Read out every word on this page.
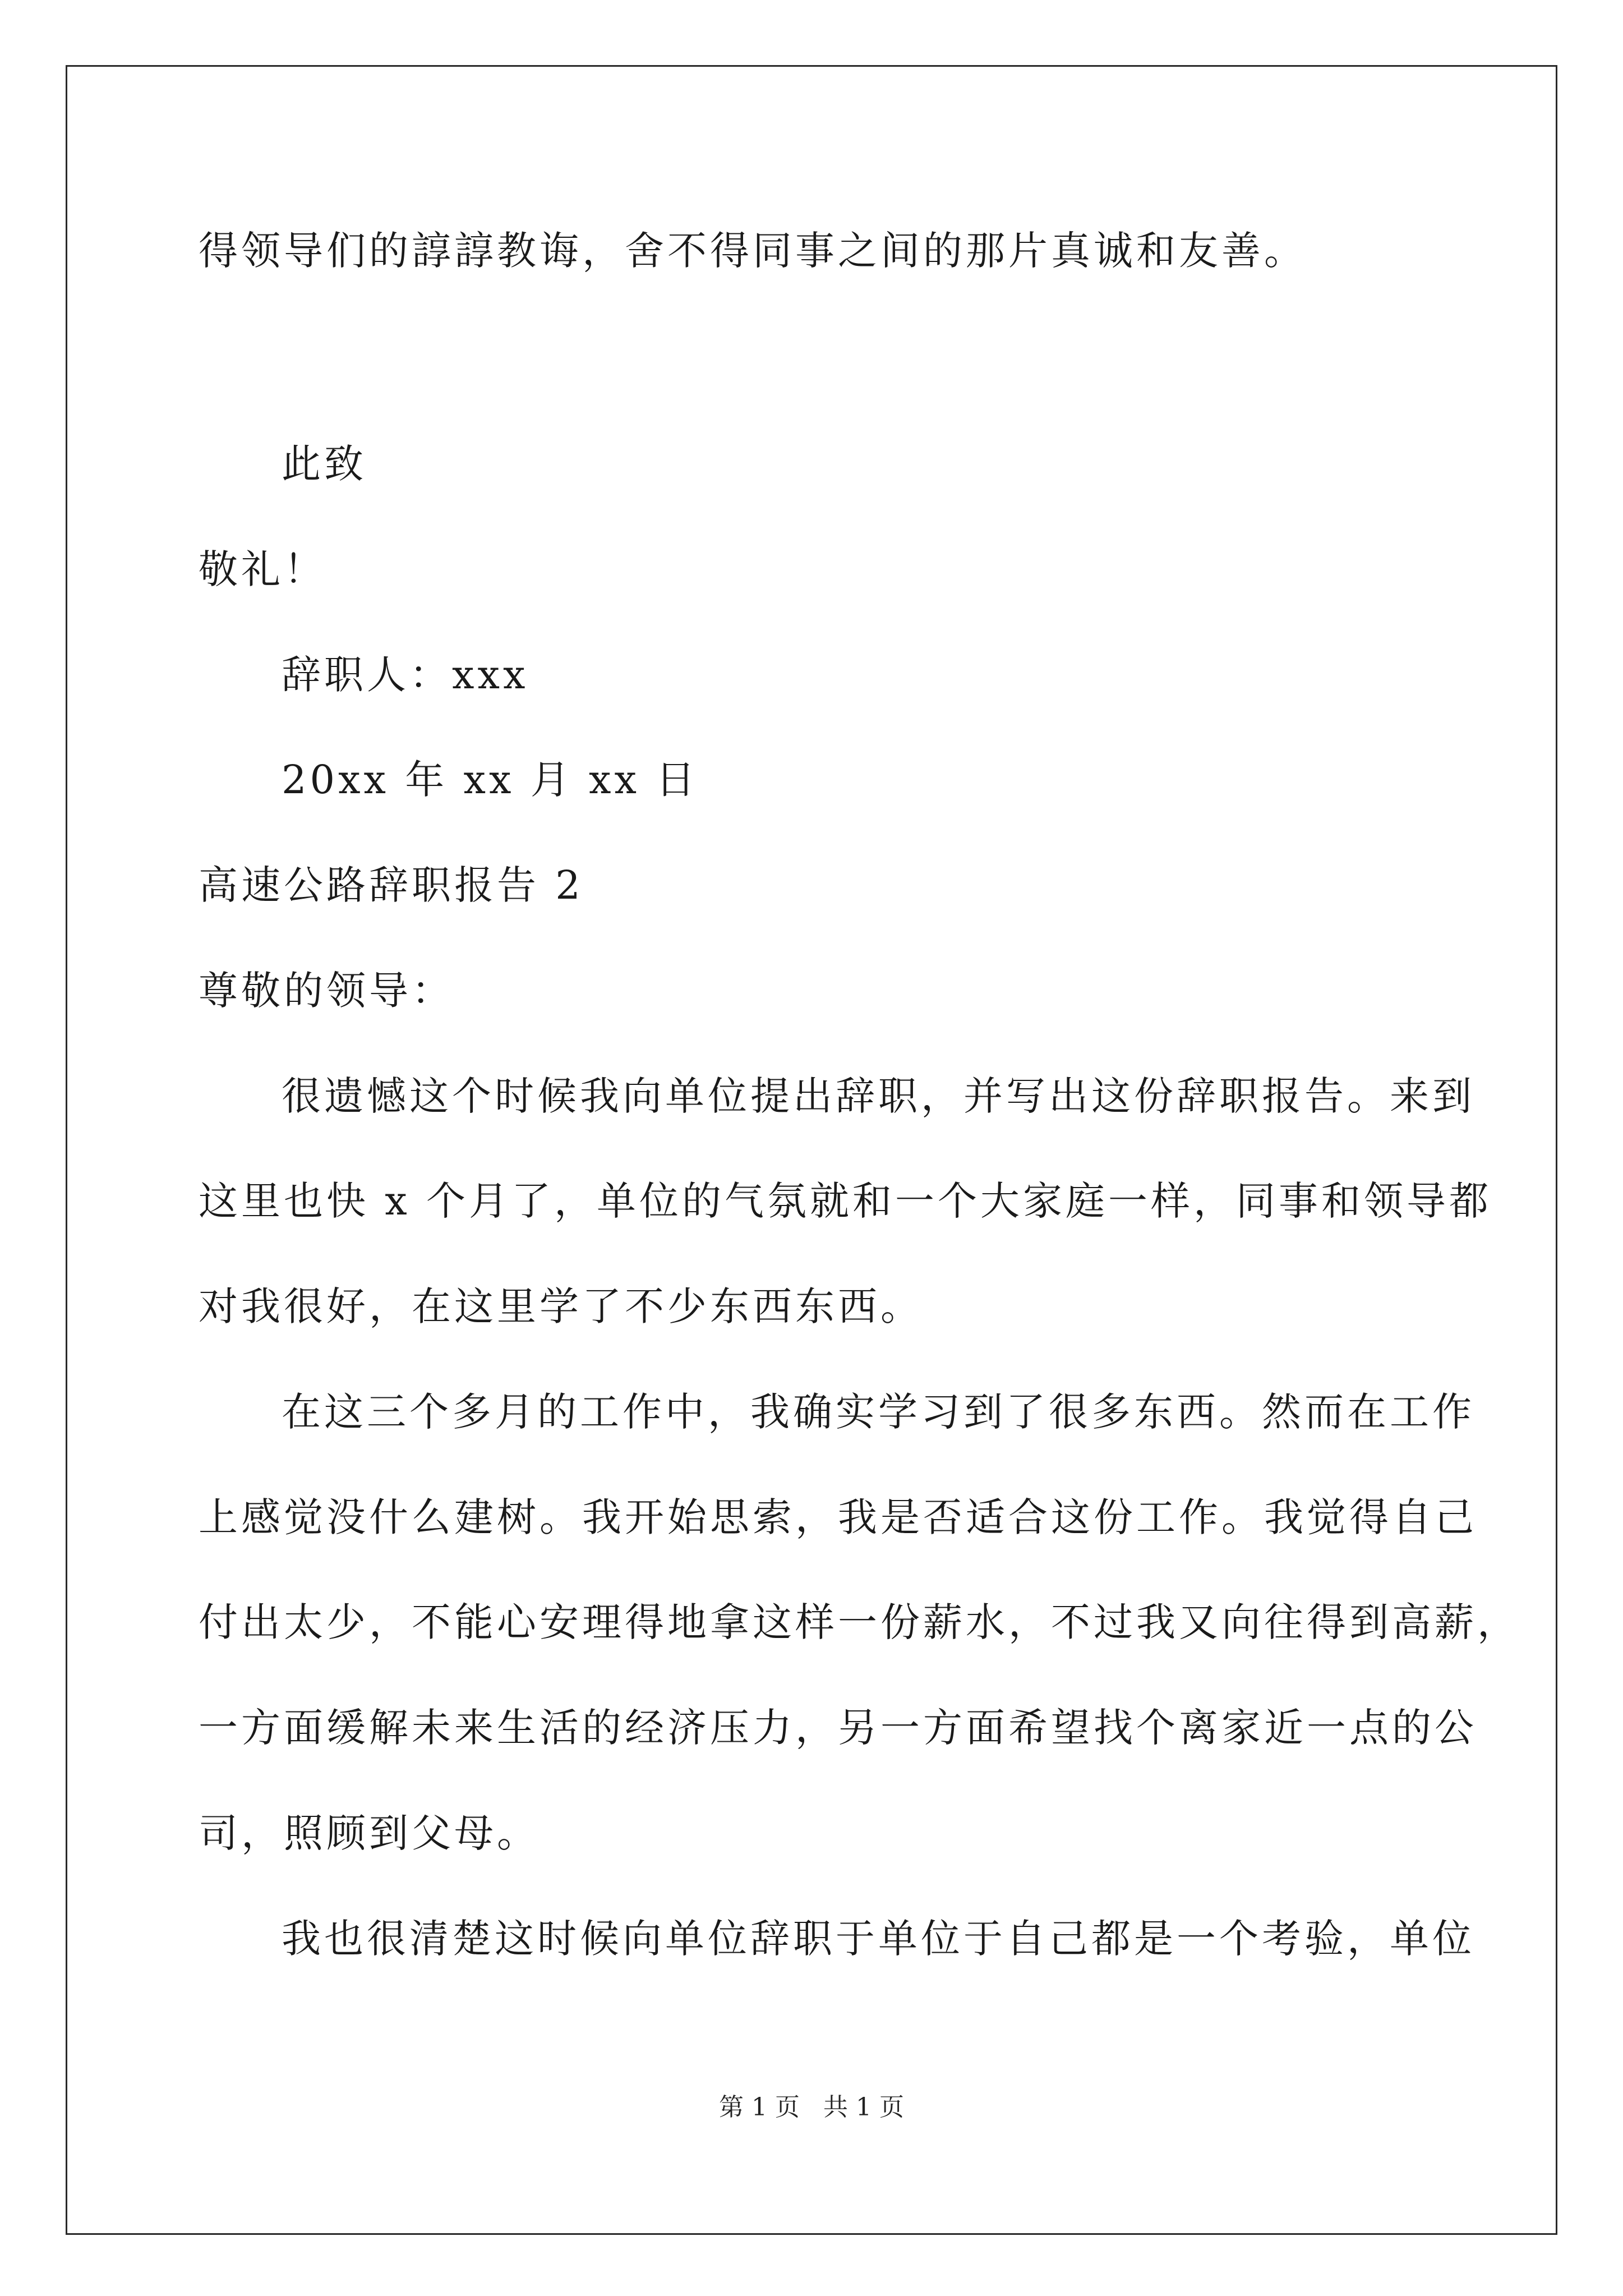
得领导们的諄諄教诲，舍不得同事之间的那片真诚和友善。
此致
敬礼！
辞职人：xxx
20xx 年 xx 月 xx 日
高速公路辞职报告 2
尊敬的领导：
很遗憾这个时候我向单位提出辞职，并写出这份辞职报告。来到
这里也快 x 个月了，单位的气氛就和一个大家庭一样，同事和领导都
对我很好，在这里学了不少东西东西。
在这三个多月的工作中，我确实学习到了很多东西。然而在工作
上感觉没什么建树。我开始思索，我是否适合这份工作。我觉得自己
付出太少，不能心安理得地拿这样一份薪水，不过我又向往得到高薪，
一方面缓解未来生活的经济压力，另一方面希望找个离家近一点的公
司，照顾到父母。
我也很清楚这时候向单位辞职于单位于自己都是一个考验，单位
第 1 页   共 1 页
